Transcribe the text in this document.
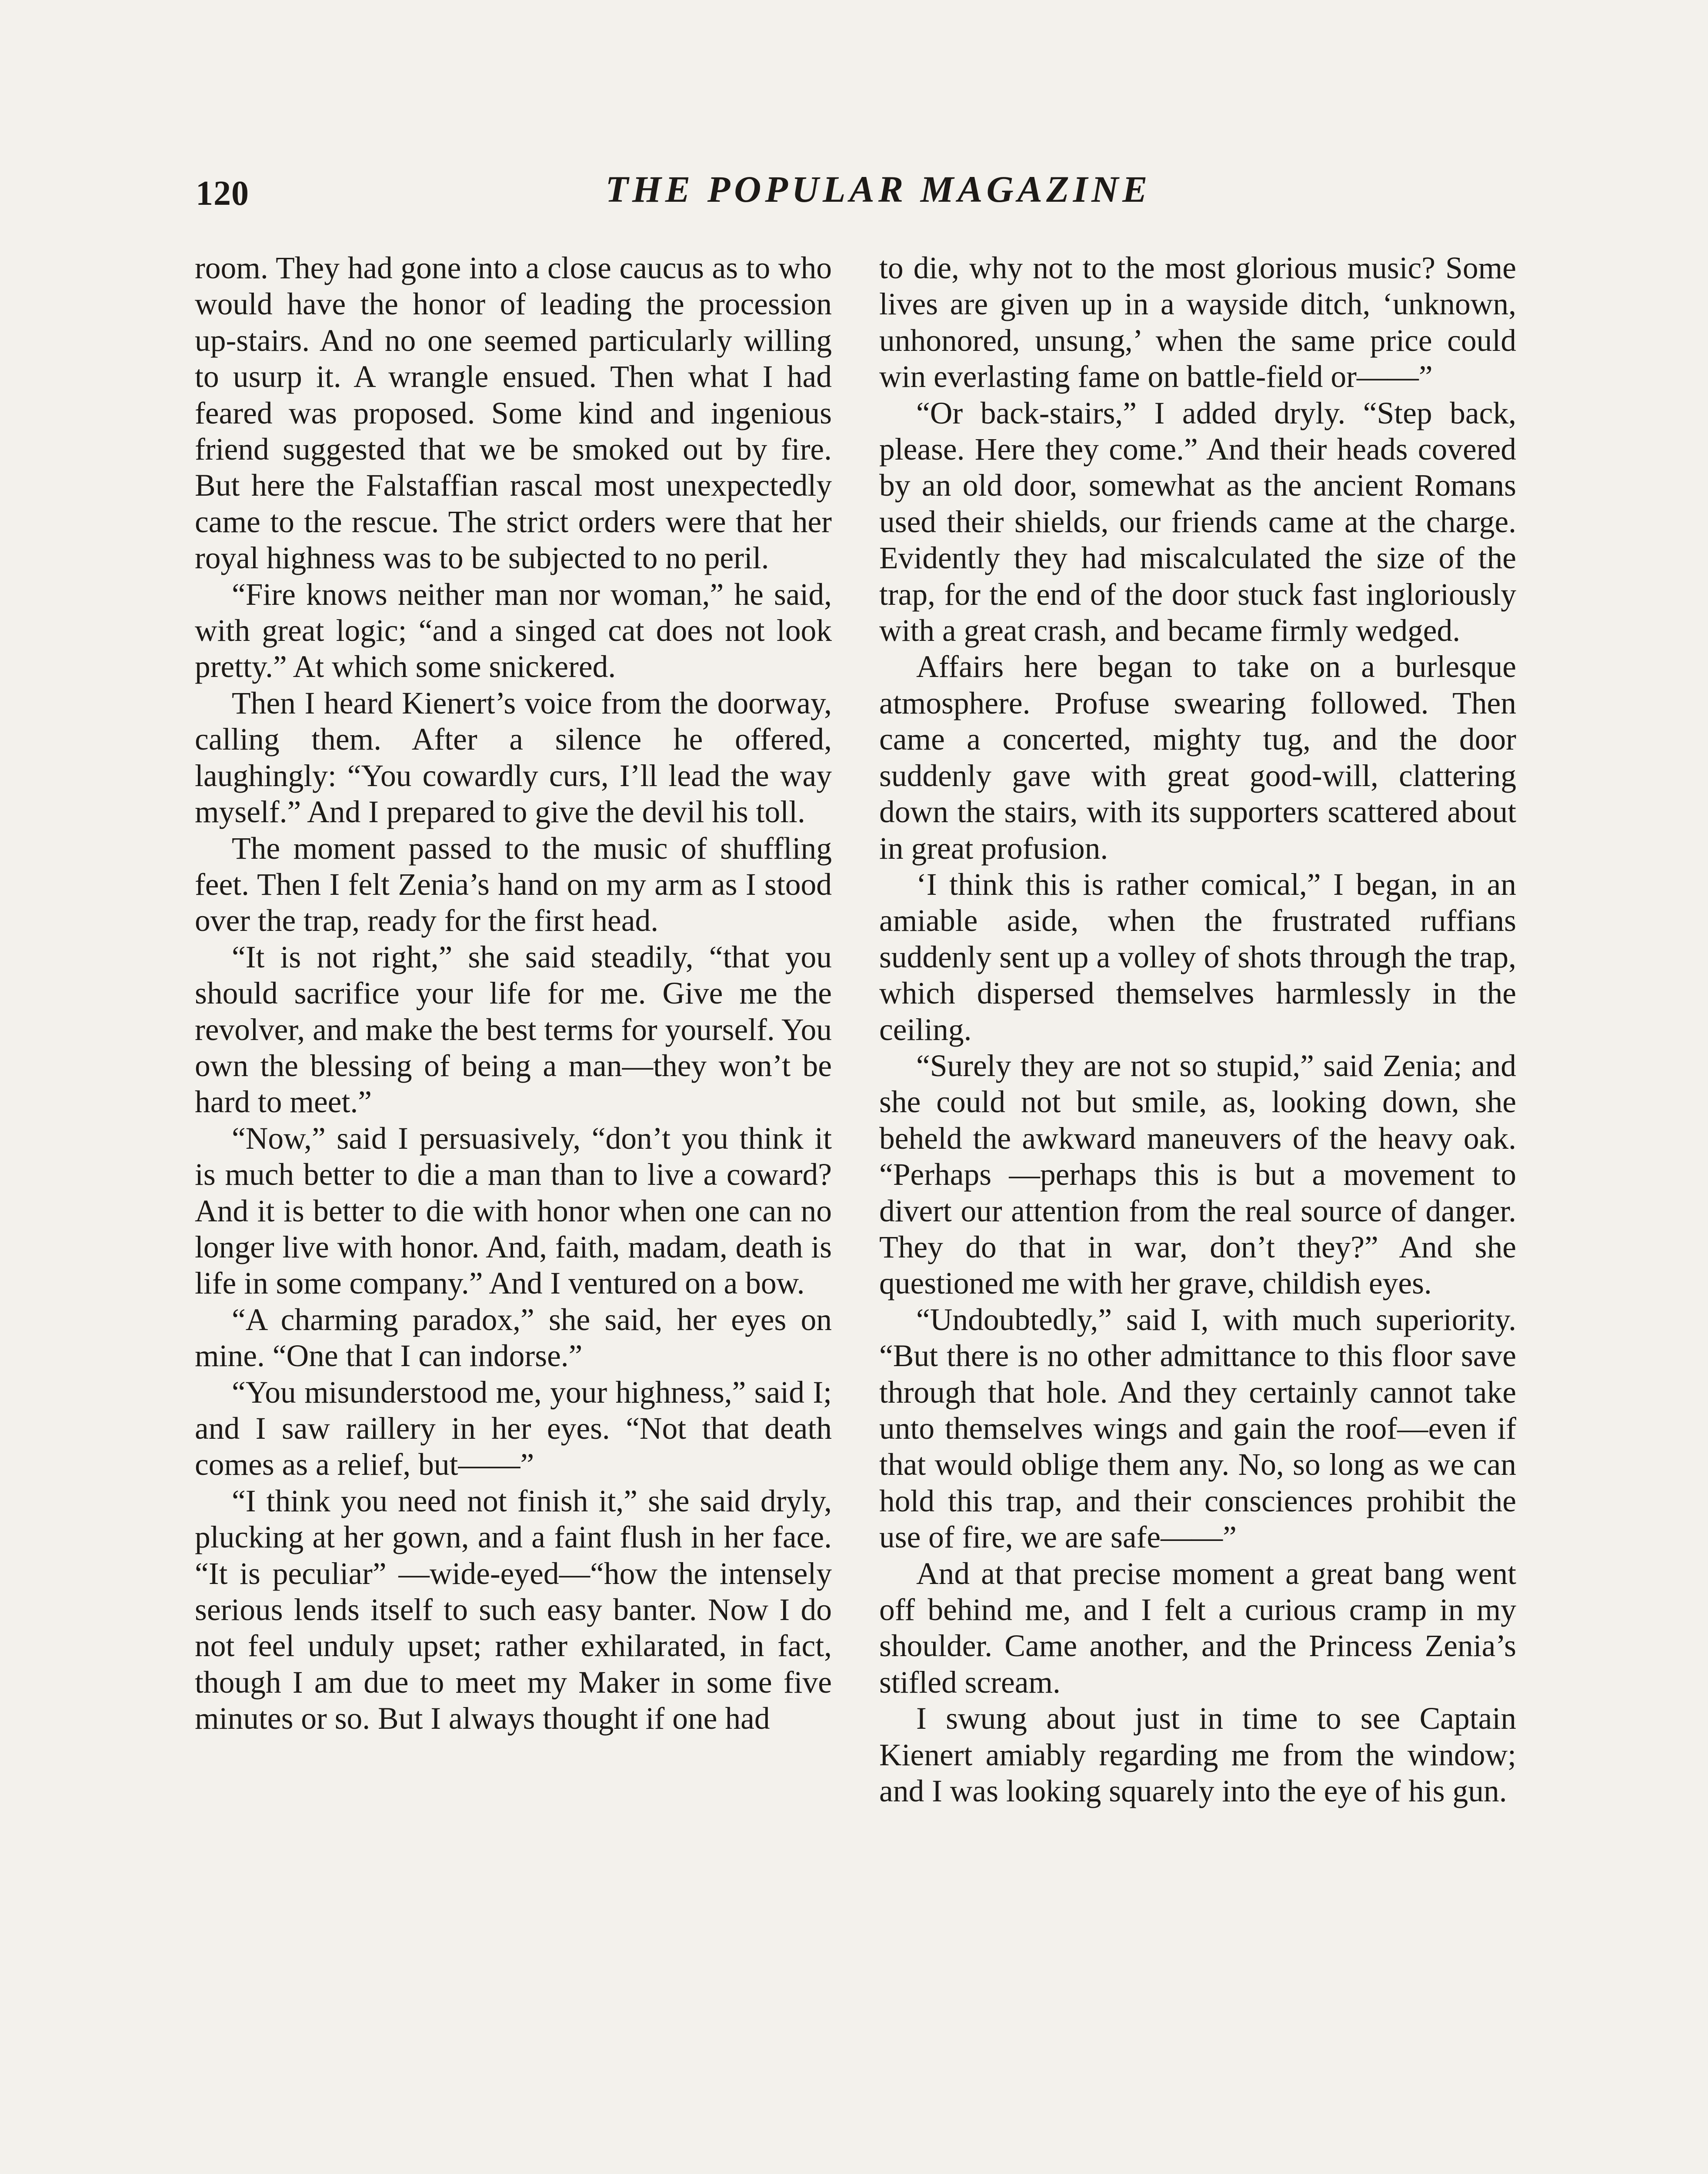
120	THE POPULAR MAGAZINE

room. They had gone into a close caucus as to who would have the honor of leading the procession up-stairs. And no one seemed particularly willing to usurp it. A wrangle ensued. Then what I had feared was proposed. Some kind and ingenious friend suggested that we be smoked out by fire. But here the Falstaffian rascal most unexpectedly came to the rescue. The strict orders were that her royal highness was to be subjected to no peril.

“Fire knows neither man nor woman,” he said, with great logic; “and a singed cat does not look pretty.” At which some snickered.

Then I heard Kienert’s voice from the doorway, calling them. After a silence he offered, laughingly: “You cowardly curs, I’ll lead the way myself.” And I prepared to give the devil his toll.

The moment passed to the music of shuffling feet. Then I felt Zenia’s hand on my arm as I stood over the trap, ready for the first head.

“It is not right,” she said steadily, “that you should sacrifice your life for me. Give me the revolver, and make the best terms for yourself. You own the blessing of being a man—they won’t be hard to meet.”

“Now,” said I persuasively, “don’t you think it is much better to die a man than to live a coward? And it is better to die with honor when one can no longer live with honor. And, faith, madam, death is life in some company.” And I ventured on a bow.

“A charming paradox,” she said, her eyes on mine. “One that I can indorse.”

“You misunderstood me, your highness,” said I; and I saw raillery in her eyes. “Not that death comes as a relief, but——”

“I think you need not finish it,” she said dryly, plucking at her gown, and a faint flush in her face. “It is peculiar” —wide-eyed—“how the intensely serious lends itself to such easy banter. Now I do not feel unduly upset; rather exhilarated, in fact, though I am due to meet my Maker in some five minutes or so. But I always thought if one had

to die, why not to the most glorious music? Some lives are given up in a wayside ditch, ‘unknown, unhonored, unsung,’ when the same price could win everlasting fame on battle-field or——”

“Or back-stairs,” I added dryly. “Step back, please. Here they come.” And their heads covered by an old door, somewhat as the ancient Romans used their shields, our friends came at the charge. Evidently they had miscalculated the size of the trap, for the end of the door stuck fast ingloriously with a great crash, and became firmly wedged.

Affairs here began to take on a burlesque atmosphere. Profuse swearing followed. Then came a concerted, mighty tug, and the door suddenly gave with great good-will, clattering down the stairs, with its supporters scattered about in great profusion.

‘I think this is rather comical,” I began, in an amiable aside, when the frustrated ruffians suddenly sent up a volley of shots through the trap, which dispersed themselves harmlessly in the ceiling.

“Surely they are not so stupid,” said Zenia; and she could not but smile, as, looking down, she beheld the awkward maneuvers of the heavy oak. “Perhaps —perhaps this is but a movement to divert our attention from the real source of danger. They do that in war, don’t they?” And she questioned me with her grave, childish eyes.

“Undoubtedly,” said I, with much superiority. “But there is no other admittance to this floor save through that hole. And they certainly cannot take unto themselves wings and gain the roof—even if that would oblige them any. No, so long as we can hold this trap, and their consciences prohibit the use of fire, we are safe——”

And at that precise moment a great bang went off behind me, and I felt a curious cramp in my shoulder. Came another, and the Princess Zenia’s stifled scream.

I swung about just in time to see Captain Kienert amiably regarding me from the window; and I was looking squarely into the eye of his gun.
